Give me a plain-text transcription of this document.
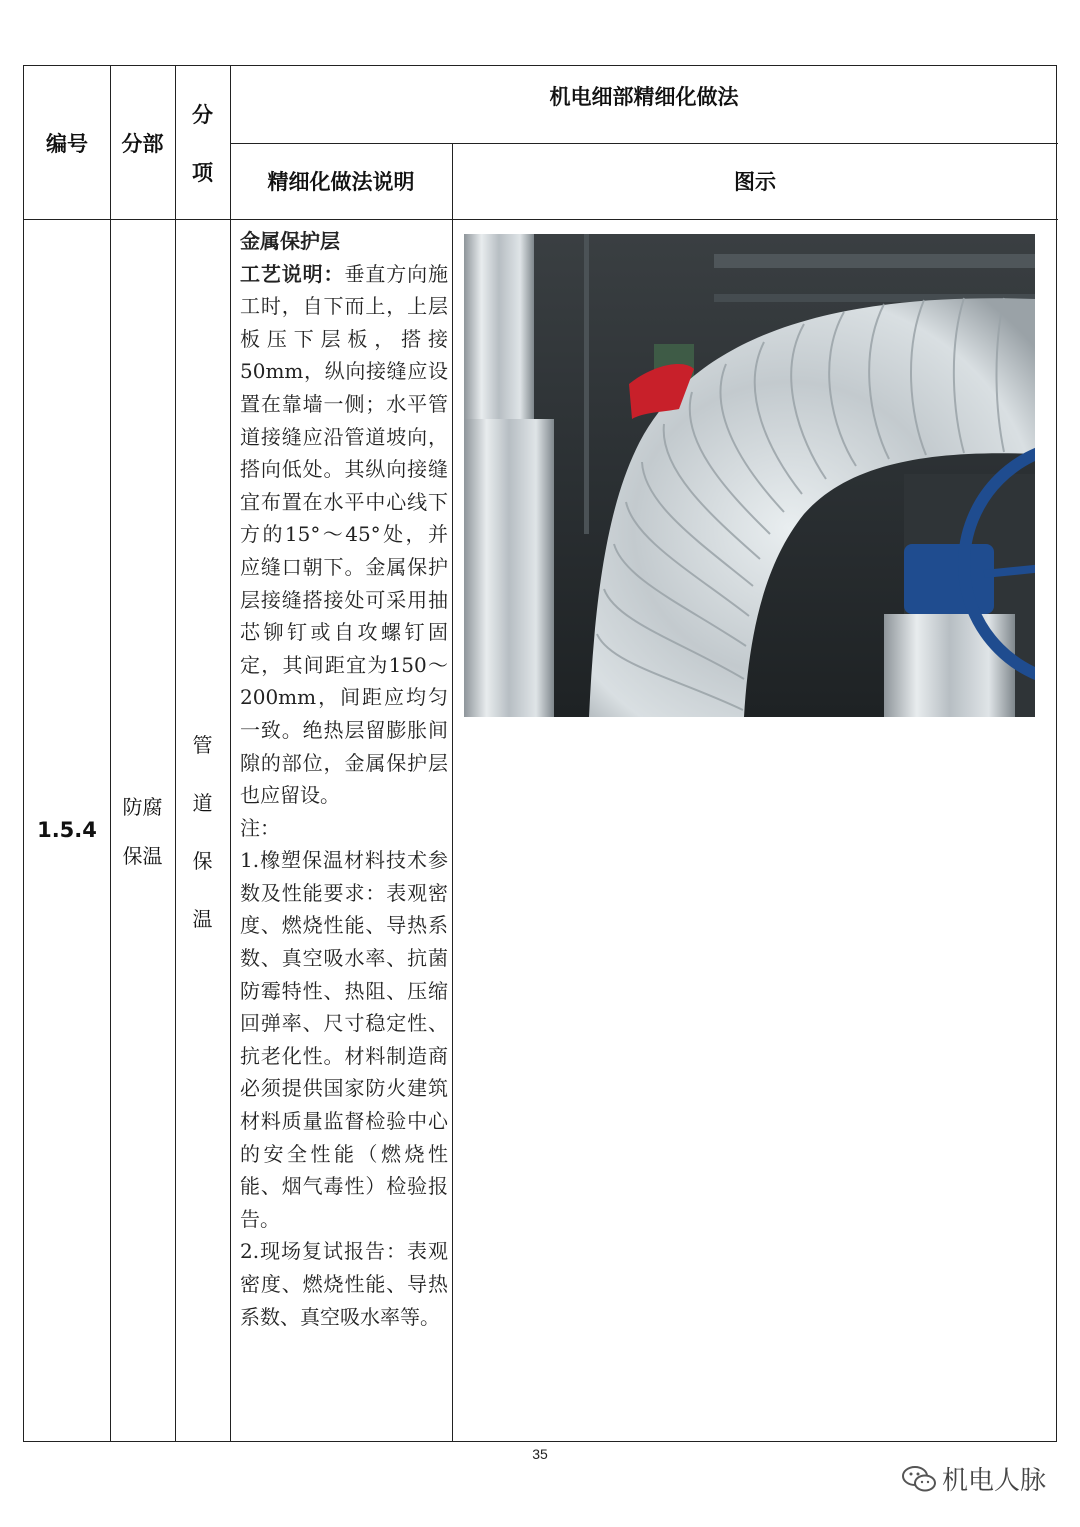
编号	分部
分
项
机电细部精细化做法
精细化做法说明	图示
1.5.4
防腐
保温
管
道
保
温

金属保护层

工艺说明：垂直方向施工时，自下而上，上层板压下层板，搭接50mm，纵向接缝应设置在靠墙一侧；水平管道接缝应沿管道坡向，搭向低处。其纵向接缝宜布置在水平中心线下方的15°～45°处，并应缝口朝下。金属保护层接缝搭接处可采用抽芯铆钉或自攻螺钉固定，其间距宜为150～200mm，间距应均匀一致。绝热层留膨胀间隙的部位，金属保护层也应留设。

注：

1.橡塑保温材料技术参数及性能要求：表观密度、燃烧性能、导热系数、真空吸水率、抗菌防霉特性、热阻、压缩回弹率、尺寸稳定性、抗老化性。材料制造商必须提供国家防火建筑材料质量监督检验中心的安全性能（燃烧性能、烟气毒性）检验报告。

2.现场复试报告：表观密度、燃烧性能、导热系数、真空吸水率等。

35
机电人脉
